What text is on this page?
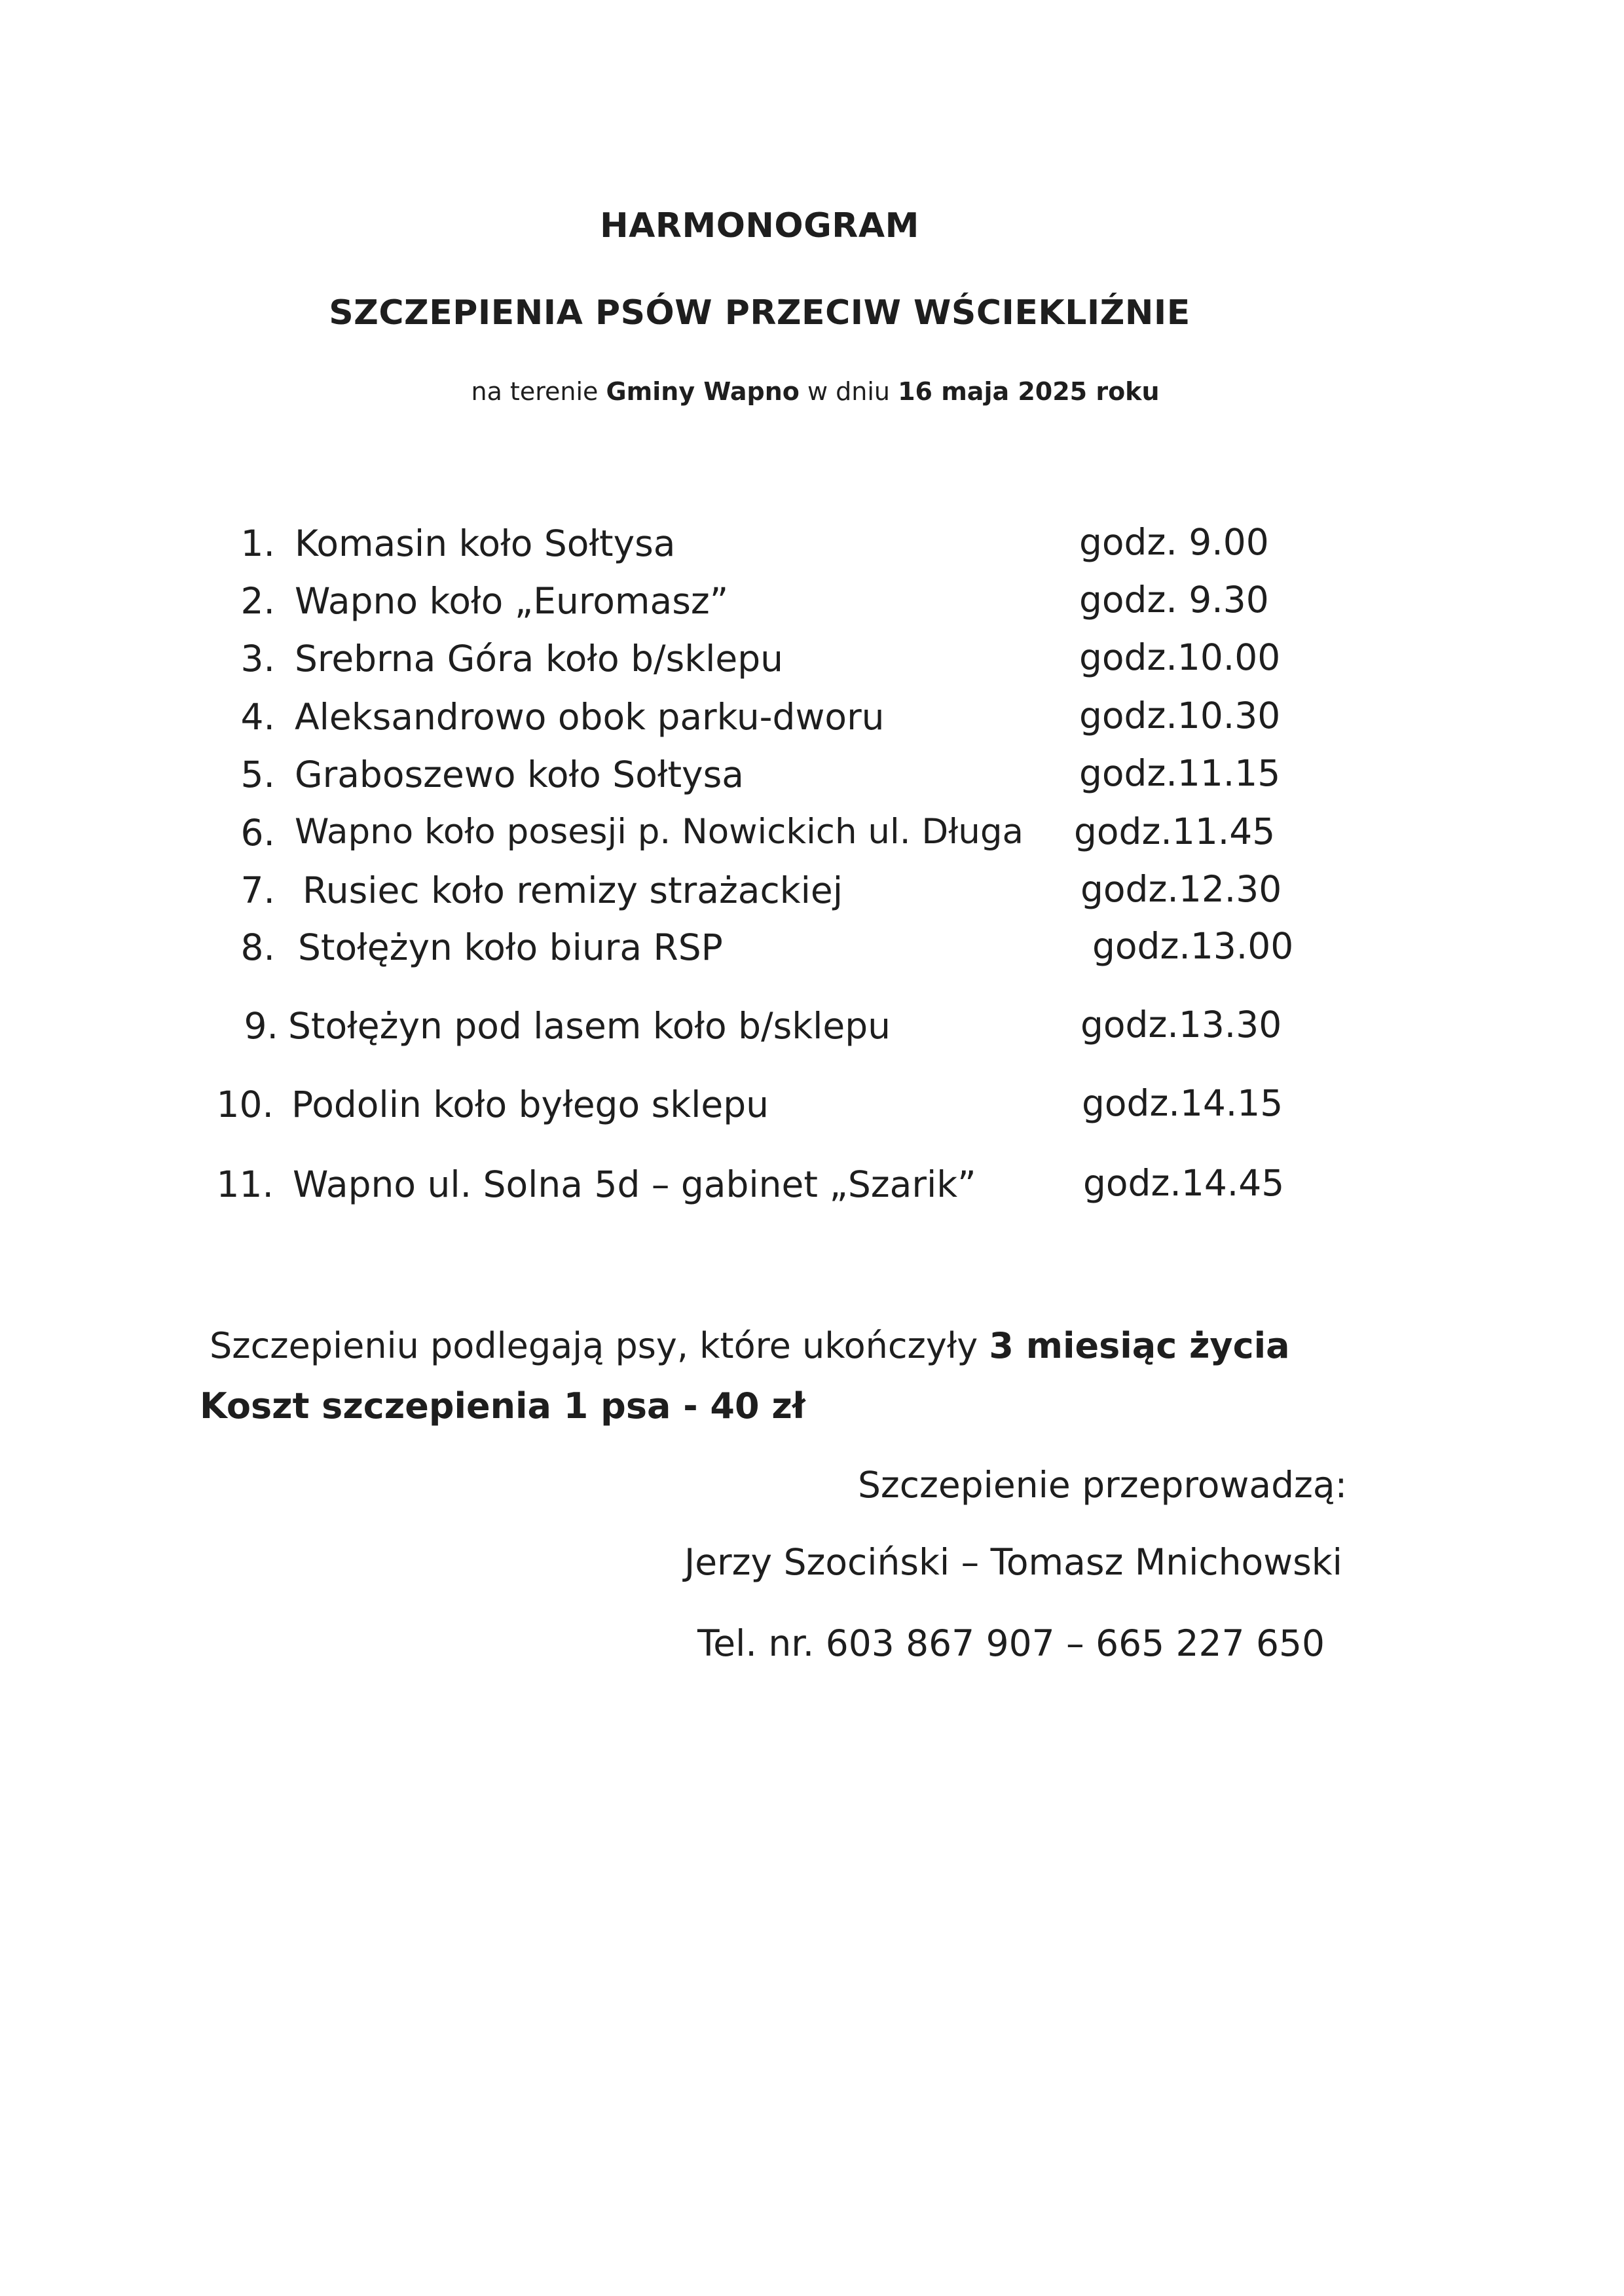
HARMONOGRAM
SZCZEPIENIA PSÓW PRZECIW WŚCIEKLIŹNIE
na terenie Gminy Wapno w dniu 16 maja 2025 roku
1. Komasin koło Sołtysa	godz. 9.00
2. Wapno koło „Euromasz”	godz. 9.30
3. Srebrna Góra koło b/sklepu	godz.10.00
4. Aleksandrowo obok parku-dworu	godz.10.30
5. Graboszewo koło Sołtysa	godz.11.15
6. Wapno koło posesji p. Nowickich ul. Długa godz.11.45
7. Rusiec koło remizy strażackiej	godz.12.30
8. Stołężyn koło biura RSP	godz.13.00
9. Stołężyn pod lasem koło b/sklepu	godz.13.30
10. Podolin koło byłego sklepu	godz.14.15
11. Wapno ul. Solna 5d – gabinet „Szarik”	godz.14.45
Szczepieniu podlegają psy, które ukończyły 3 miesiąc życia
Koszt szczepienia 1 psa - 40 zł
Szczepienie przeprowadzą:
Jerzy Szociński – Tomasz Mnichowski
Tel. nr. 603 867 907 – 665 227 650
